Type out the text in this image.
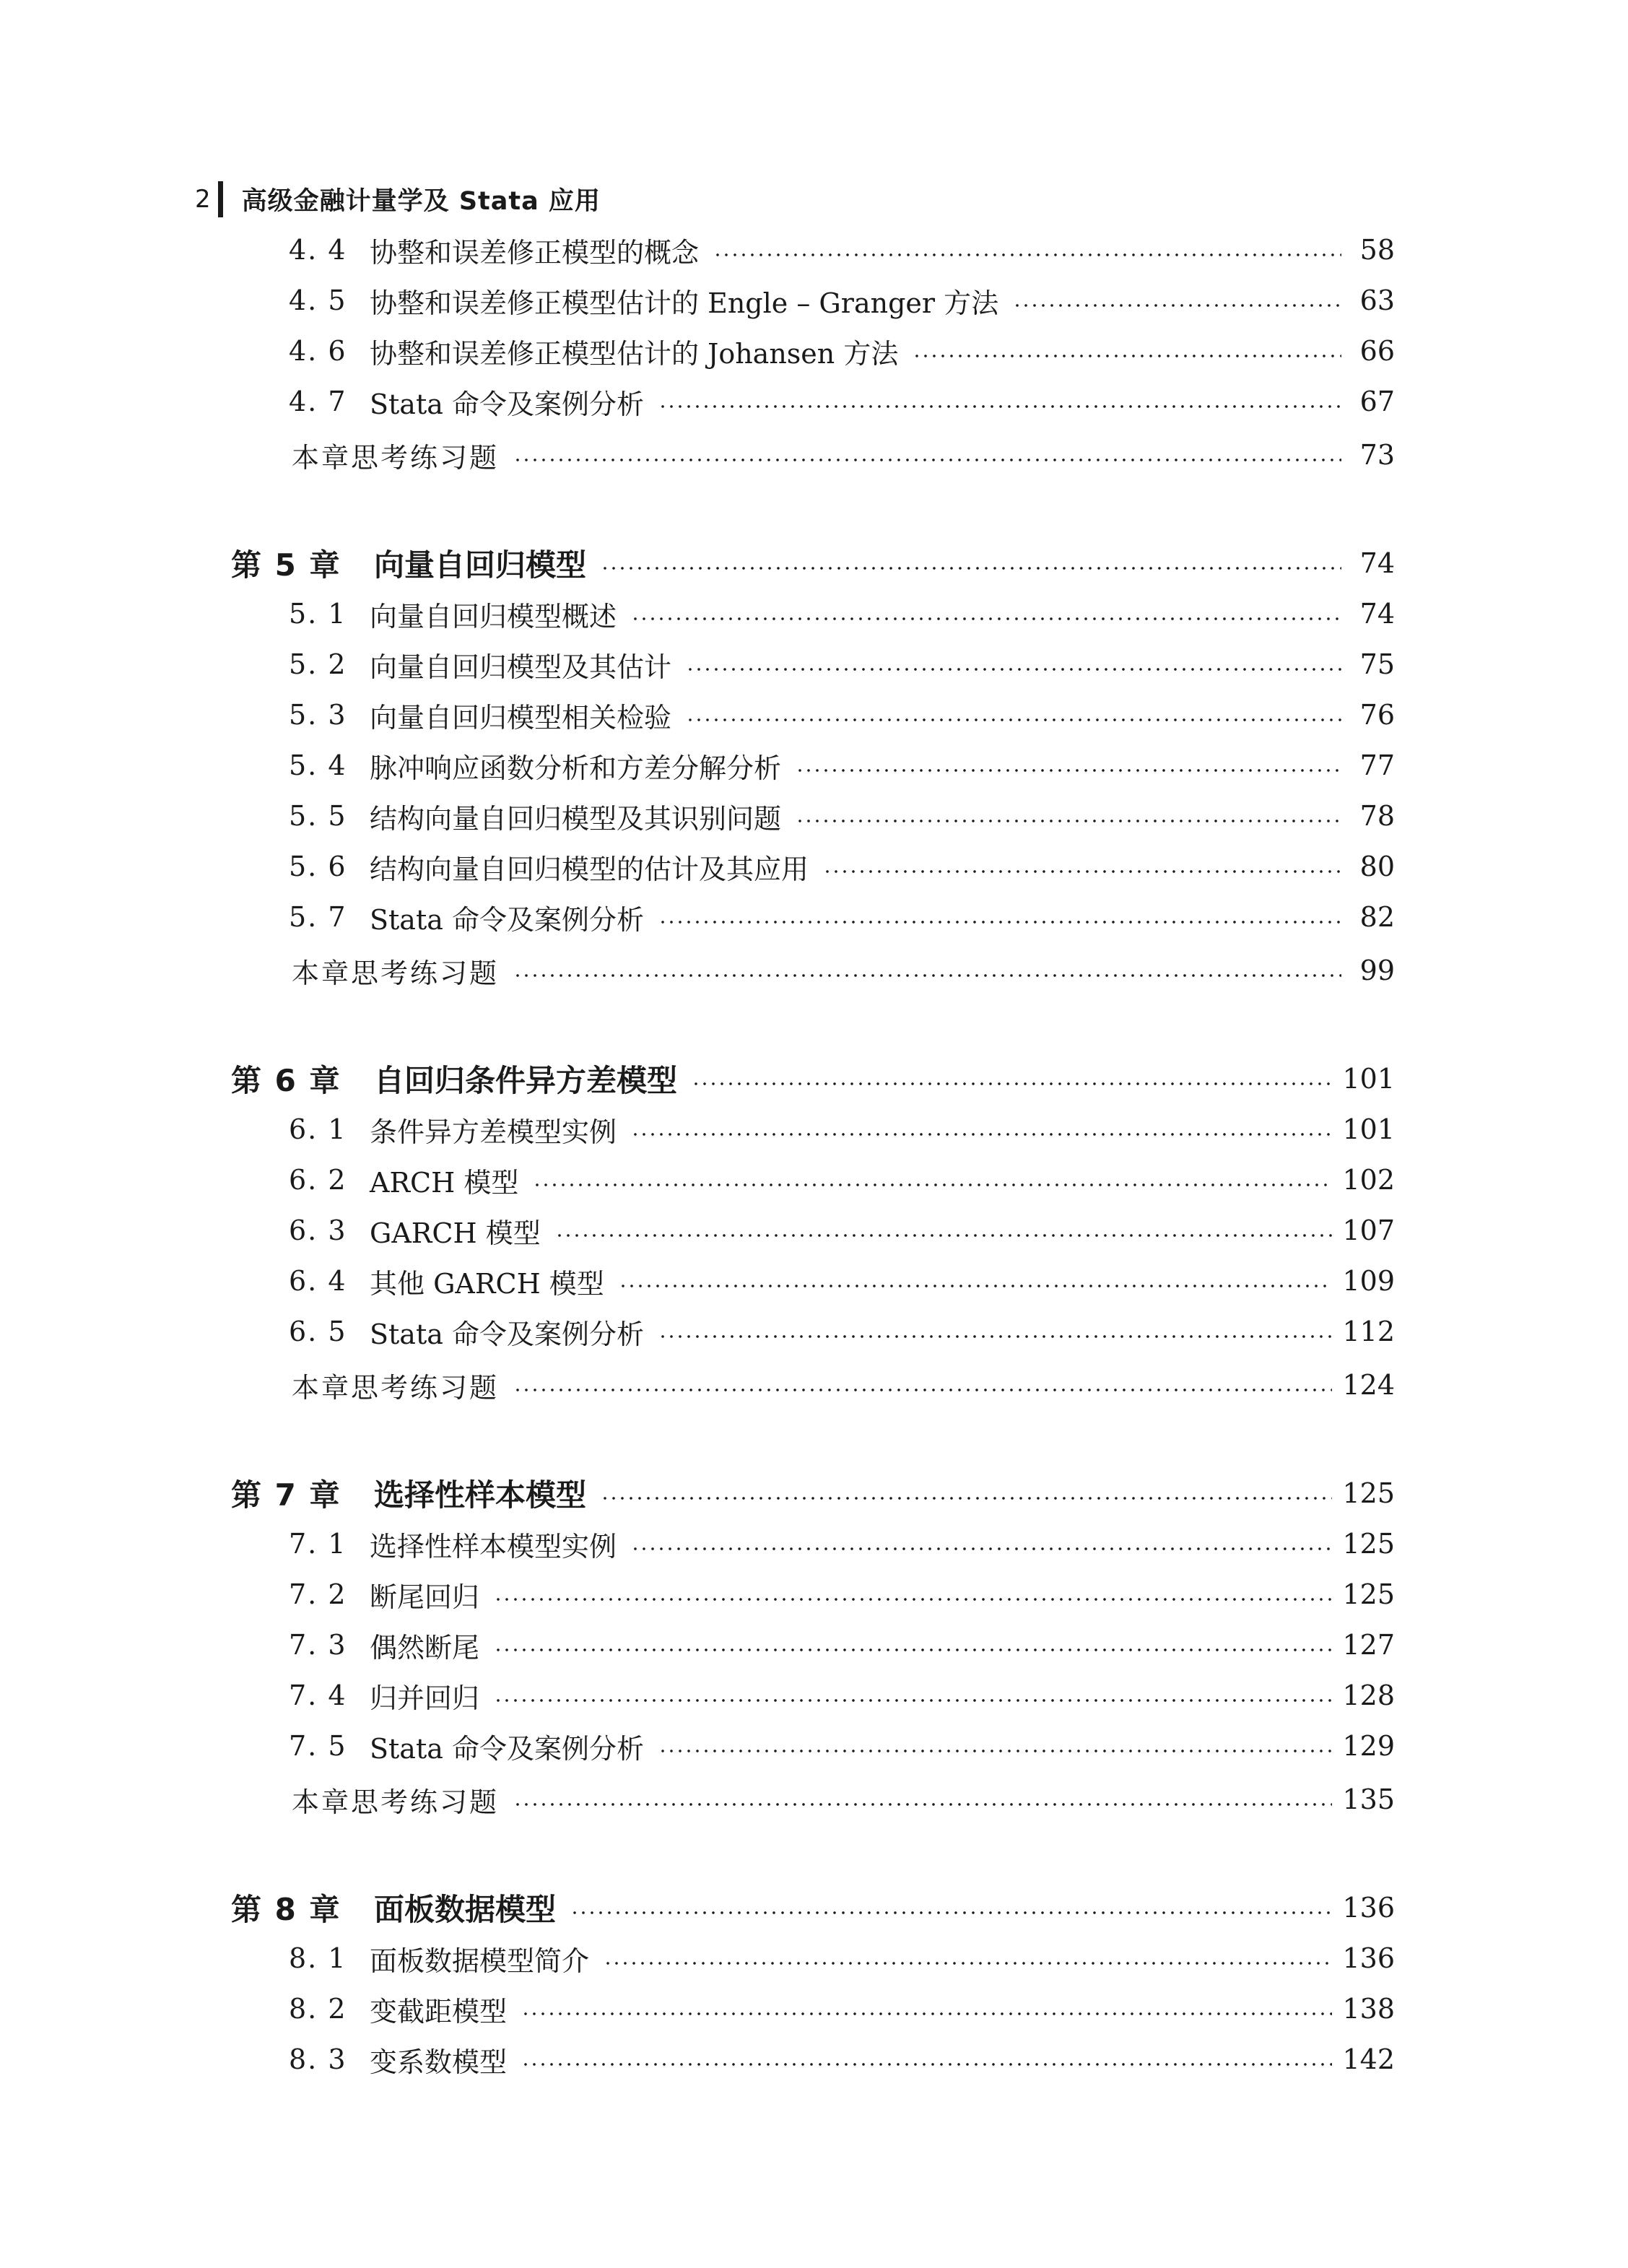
2 高级金融计量学及 Stata 应用
4. 4 协整和误差修正模型的概念	58
4. 5 协整和误差修正模型估计的 Engle – Granger 方法	63
4. 6 协整和误差修正模型估计的 Johansen 方法	66
4. 7 Stata 命令及案例分析	67
本章思考练习题	73
第 5 章	向量自回归模型	74
5. 1 向量自回归模型概述	74
5. 2 向量自回归模型及其估计	75
5. 3 向量自回归模型相关检验	76
5. 4 脉冲响应函数分析和方差分解分析	77
5. 5 结构向量自回归模型及其识别问题	78
5. 6 结构向量自回归模型的估计及其应用	80
5. 7 Stata 命令及案例分析	82
本章思考练习题	99
第 6 章	自回归条件异方差模型	101
6. 1 条件异方差模型实例	101
6. 2 ARCH 模型	102
6. 3 GARCH 模型	107
6. 4 其他 GARCH 模型	109
6. 5 Stata 命令及案例分析	112
本章思考练习题	124
第 7 章	选择性样本模型	125
7. 1 选择性样本模型实例	125
7. 2 断尾回归	125
7. 3 偶然断尾	127
7. 4 归并回归	128
7. 5 Stata 命令及案例分析	129
本章思考练习题	135
第 8 章	面板数据模型	136
8. 1 面板数据模型简介	136
8. 2 变截距模型	138
8. 3 变系数模型	142
